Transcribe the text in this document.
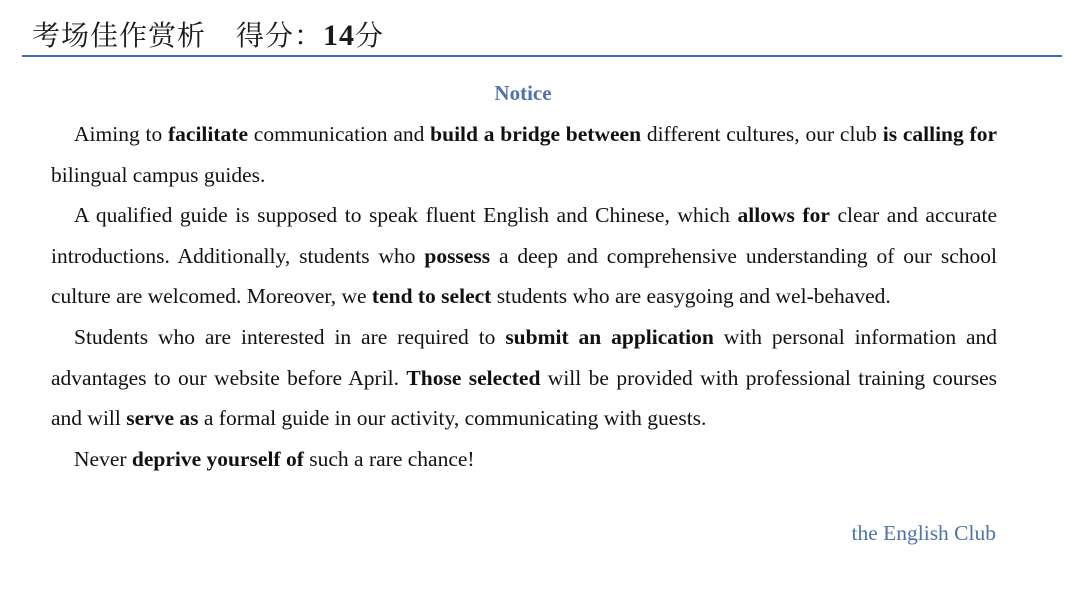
考场佳作赏析 得分：14分
Notice

Aiming to facilitate communication and build a bridge between different cultures, our club is calling for bilingual campus guides.

A qualified guide is supposed to speak fluent English and Chinese, which allows for clear and accurate introductions. Additionally, students who possess a deep and comprehensive understanding of our school culture are welcomed. Moreover, we tend to select students who are easygoing and wel-behaved.

Students who are interested in are required to submit an application with personal information and advantages to our website before April. Those selected will be provided with professional training courses and will serve as a formal guide in our activity, communicating with guests.

Never deprive yourself of such a rare chance!

the English Club
